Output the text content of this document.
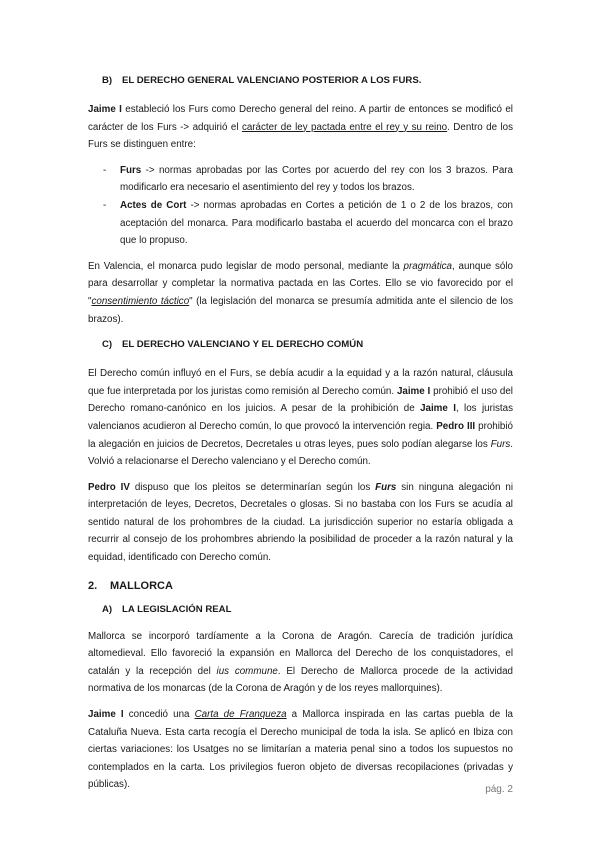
B) EL DERECHO GENERAL VALENCIANO POSTERIOR A LOS FURS.

Jaime I estableció los Furs como Derecho general del reino. A partir de entonces se modificó el carácter de los Furs -> adquirió el carácter de ley pactada entre el rey y su reino. Dentro de los Furs se distinguen entre:

- Furs -> normas aprobadas por las Cortes por acuerdo del rey con los 3 brazos. Para modificarlo era necesario el asentimiento del rey y todos los brazos.
- Actes de Cort -> normas aprobadas en Cortes a petición de 1 o 2 de los brazos, con aceptación del monarca. Para modificarlo bastaba el acuerdo del moncarca con el brazo que lo propuso.

En Valencia, el monarca pudo legislar de modo personal, mediante la pragmática, aunque sólo para desarrollar y completar la normativa pactada en las Cortes. Ello se vio favorecido por el "consentimiento táctico" (la legislación del monarca se presumía admitida ante el silencio de los brazos).

C) EL DERECHO VALENCIANO Y EL DERECHO COMÚN

El Derecho común influyó en el Furs, se debía acudir a la equidad y a la razón natural, cláusula que fue interpretada por los juristas como remisión al Derecho común. Jaime I prohibió el uso del Derecho romano-canónico en los juicios. A pesar de la prohibición de Jaime I, los juristas valencianos acudieron al Derecho común, lo que provocó la intervención regia. Pedro III prohibió la alegación en juicios de Decretos, Decretales u otras leyes, pues solo podían alegarse los Furs. Volvió a relacionarse el Derecho valenciano y el Derecho común.

Pedro IV dispuso que los pleitos se determinarían según los Furs sin ninguna alegación ni interpretación de leyes, Decretos, Decretales o glosas. Si no bastaba con los Furs se acudía al sentido natural de los prohombres de la ciudad. La jurisdicción superior no estaría obligada a recurrir al consejo de los prohombres abriendo la posibilidad de proceder a la razón natural y la equidad, identificado con Derecho común.

2. MALLORCA
A) LA LEGISLACIÓN REAL

Mallorca se incorporó tardíamente a la Corona de Aragón. Carecía de tradición jurídica altomedieval. Ello favoreció la expansión en Mallorca del Derecho de los conquistadores, el catalán y la recepción del ius commune. El Derecho de Mallorca procede de la actividad normativa de los monarcas (de la Corona de Aragón y de los reyes mallorquines).

Jaime I concedió una Carta de Franqueza a Mallorca inspirada en las cartas puebla de la Cataluña Nueva. Esta carta recogía el Derecho municipal de toda la isla. Se aplicó en Ibiza con ciertas variaciones: los Usatges no se limitarían a materia penal sino a todos los supuestos no contemplados en la carta. Los privilegios fueron objeto de diversas recopilaciones (privadas y públicas).	pág. 2
